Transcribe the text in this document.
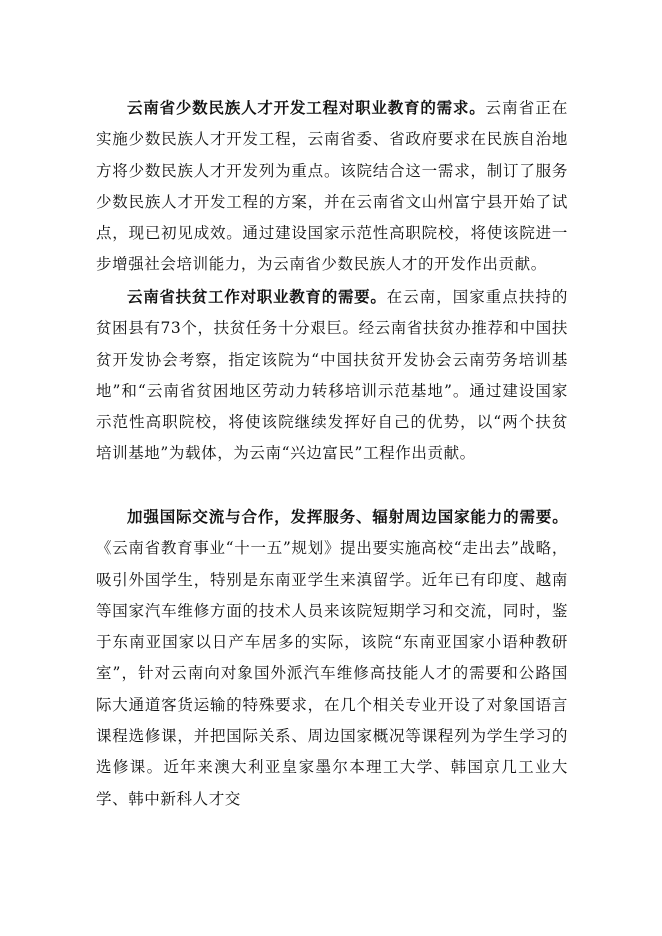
云南省少数民族人才开发工程对职业教育的需求。云南省正在实施少数民族人才开发工程，云南省委、省政府要求在民族自治地方将少数民族人才开发列为重点。该院结合这一需求，制订了服务少数民族人才开发工程的方案，并在云南省文山州富宁县开始了试点，现已初见成效。通过建设国家示范性高职院校，将使该院进一步增强社会培训能力，为云南省少数民族人才的开发作出贡献。

云南省扶贫工作对职业教育的需要。在云南，国家重点扶持的贫困县有73个，扶贫任务十分艰巨。经云南省扶贫办推荐和中国扶贫开发协会考察，指定该院为“中国扶贫开发协会云南劳务培训基地”和“云南省贫困地区劳动力转移培训示范基地”。通过建设国家示范性高职院校，将使该院继续发挥好自己的优势，以“两个扶贫培训基地”为载体，为云南“兴边富民”工程作出贡献。

加强国际交流与合作，发挥服务、辐射周边国家能力的需要。《云南省教育事业“十一五”规划》提出要实施高校“走出去”战略，吸引外国学生，特别是东南亚学生来滇留学。近年已有印度、越南等国家汽车维修方面的技术人员来该院短期学习和交流，同时，鉴于东南亚国家以日产车居多的实际，该院“东南亚国家小语种教研室”，针对云南向对象国外派汽车维修高技能人才的需要和公路国际大通道客货运输的特殊要求，在几个相关专业开设了对象国语言课程选修课，并把国际关系、周边国家概况等课程列为学生学习的选修课。近年来澳大利亚皇家墨尔本理工大学、韩国京几工业大学、韩中新科人才交
